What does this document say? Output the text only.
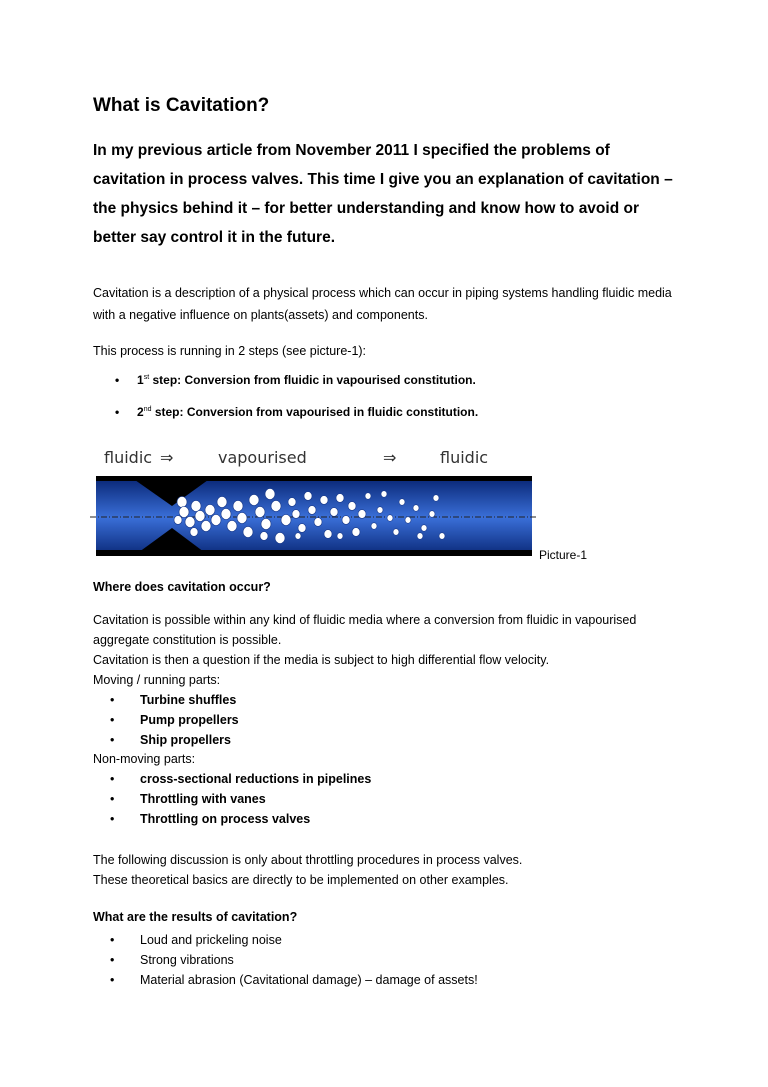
What is Cavitation?

In my previous article from November 2011 I specified the problems of cavitation in process valves. This time I give you an explanation of cavitation – the physics behind it – for better understanding and know how to avoid or better say control it in the future.

Cavitation is a description of a physical process which can occur in piping systems handling fluidic media with a negative influence on plants(assets) and components.

This process is running in 2 steps (see picture-1):

• 1st step: Conversion from fluidic in vapourised constitution.

• 2nd step: Conversion from vapourised in fluidic constitution.

fluidic ⇒	vapourised	⇒	fluidic

Picture-1

Where does cavitation occur?

Cavitation is possible within any kind of fluidic media where a conversion from fluidic in vapourised aggregate constitution is possible.

Cavitation is then a question if the media is subject to high differential flow velocity.

Moving / running parts:

• Turbine shuffles

• Pump propellers

• Ship propellers

Non-moving parts:

• cross-sectional reductions in pipelines

• Throttling with vanes

• Throttling on process valves

The following discussion is only about throttling procedures in process valves.

These theoretical basics are directly to be implemented on other examples.

What are the results of cavitation?

• Loud and prickeling noise

• Strong vibrations

• Material abrasion (Cavitational damage) – damage of assets!
